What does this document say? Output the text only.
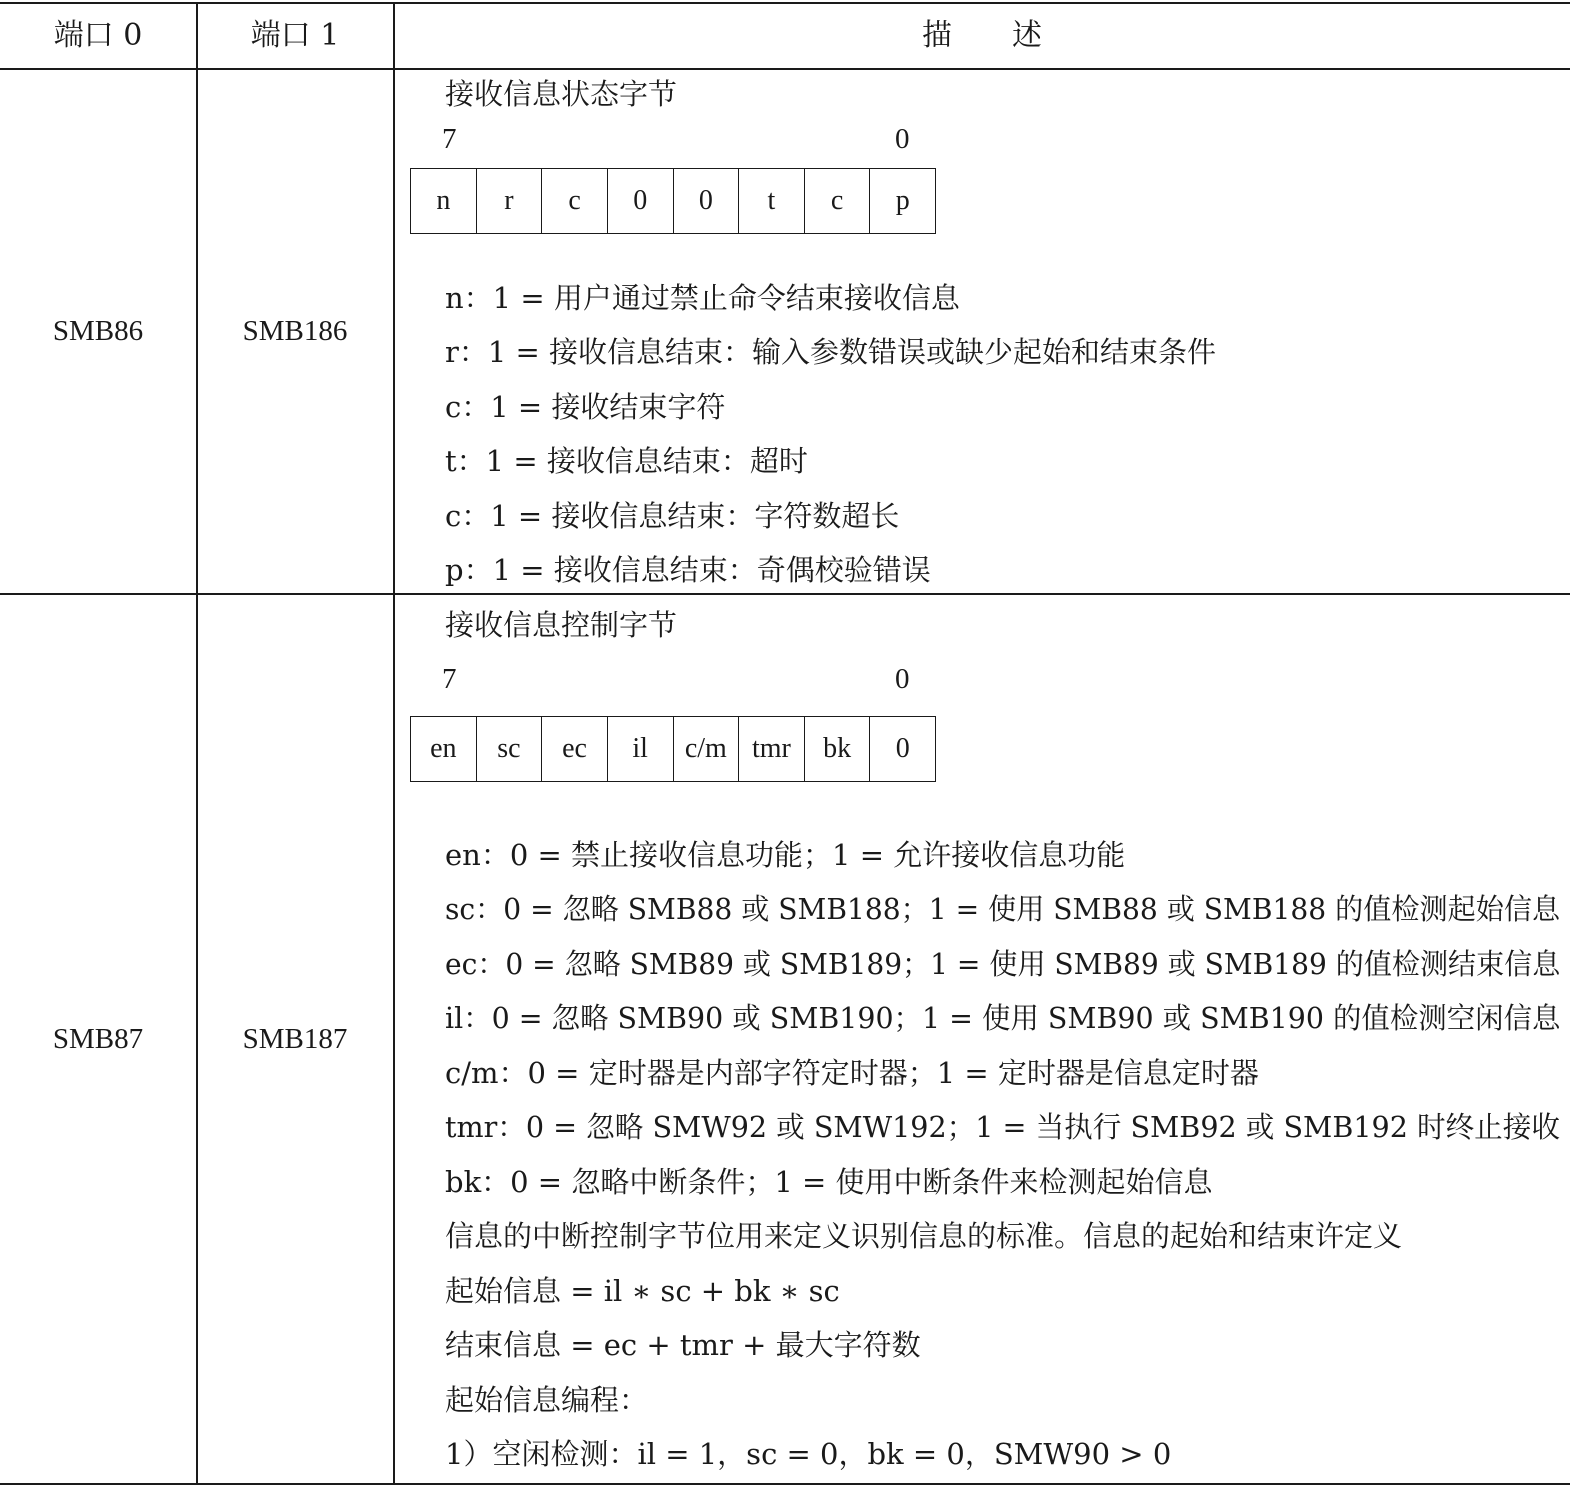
端口 0	端口 1	描　　述
SMB86	SMB186
接收信息状态字节
7	0
n	r	c	0	0	t	c	p
n：1 = 用户通过禁止命令结束接收信息
r：1 = 接收信息结束：输入参数错误或缺少起始和结束条件
c：1 = 接收结束字符
t：1 = 接收信息结束：超时
c：1 = 接收信息结束：字符数超长
p：1 = 接收信息结束：奇偶校验错误
SMB87	SMB187
接收信息控制字节
7	0
en	sc	ec	il	c/m tmr	bk	0
en：0 = 禁止接收信息功能；1 = 允许接收信息功能
sc：0 = 忽略 SMB88 或 SMB188；1 = 使用 SMB88 或 SMB188 的值检测起始信息
ec：0 = 忽略 SMB89 或 SMB189；1 = 使用 SMB89 或 SMB189 的值检测结束信息
il：0 = 忽略 SMB90 或 SMB190；1 = 使用 SMB90 或 SMB190 的值检测空闲信息
c/m：0 = 定时器是内部字符定时器；1 = 定时器是信息定时器
tmr：0 = 忽略 SMW92 或 SMW192；1 = 当执行 SMB92 或 SMB192 时终止接收
bk：0 = 忽略中断条件；1 = 使用中断条件来检测起始信息
信息的中断控制字节位用来定义识别信息的标准。信息的起始和结束许定义
起始信息 = il ∗ sc + bk ∗ sc
结束信息 = ec + tmr + 最大字符数
起始信息编程：
1）空闲检测：il = 1，sc = 0，bk = 0，SMW90 > 0
